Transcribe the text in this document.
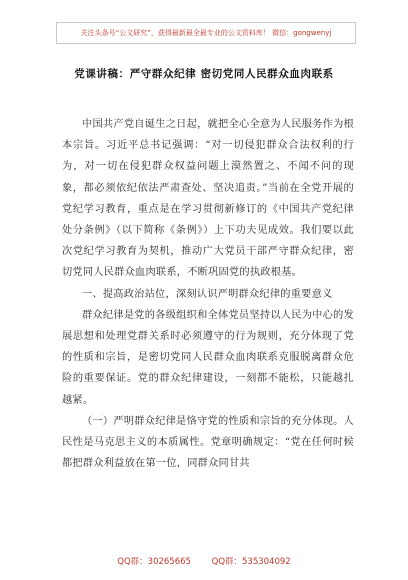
关注头条号“公文研究”，获得最新最全最专业的公文资料库！ 微信：gongwenyj
党课讲稿：严守群众纪律 密切党同人民群众血肉联系

中国共产党自诞生之日起，就把全心全意为人民服务作为根本宗旨。习近平总书记强调：“对一切侵犯群众合法权利的行为，对一切在侵犯群众权益问题上漠然置之、不闻不问的现象，都必须依纪依法严肃查处、坚决追责。”当前在全党开展的党纪学习教育，重点是在学习贯彻新修订的《中国共产党纪律处分条例》（以下简称《条例》）上下功夫见成效。我们要以此次党纪学习教育为契机，推动广大党员干部严守群众纪律，密切党同人民群众血肉联系，不断巩固党的执政根基。

一、提高政治站位，深刻认识严明群众纪律的重要意义

群众纪律是党的各级组织和全体党员坚持以人民为中心的发展思想和处理党群关系时必须遵守的行为规则，充分体现了党的性质和宗旨，是密切党同人民群众血肉联系克服脱离群众危险的重要保证。党的群众纪律建设，一刻都不能松，只能越扎越紧。

（一）严明群众纪律是恪守党的性质和宗旨的充分体现。人民性是马克思主义的本质属性。党章明确规定：“党在任何时候都把群众利益放在第一位，同群众同甘共

QQ群：30265665 QQ群：535304092
